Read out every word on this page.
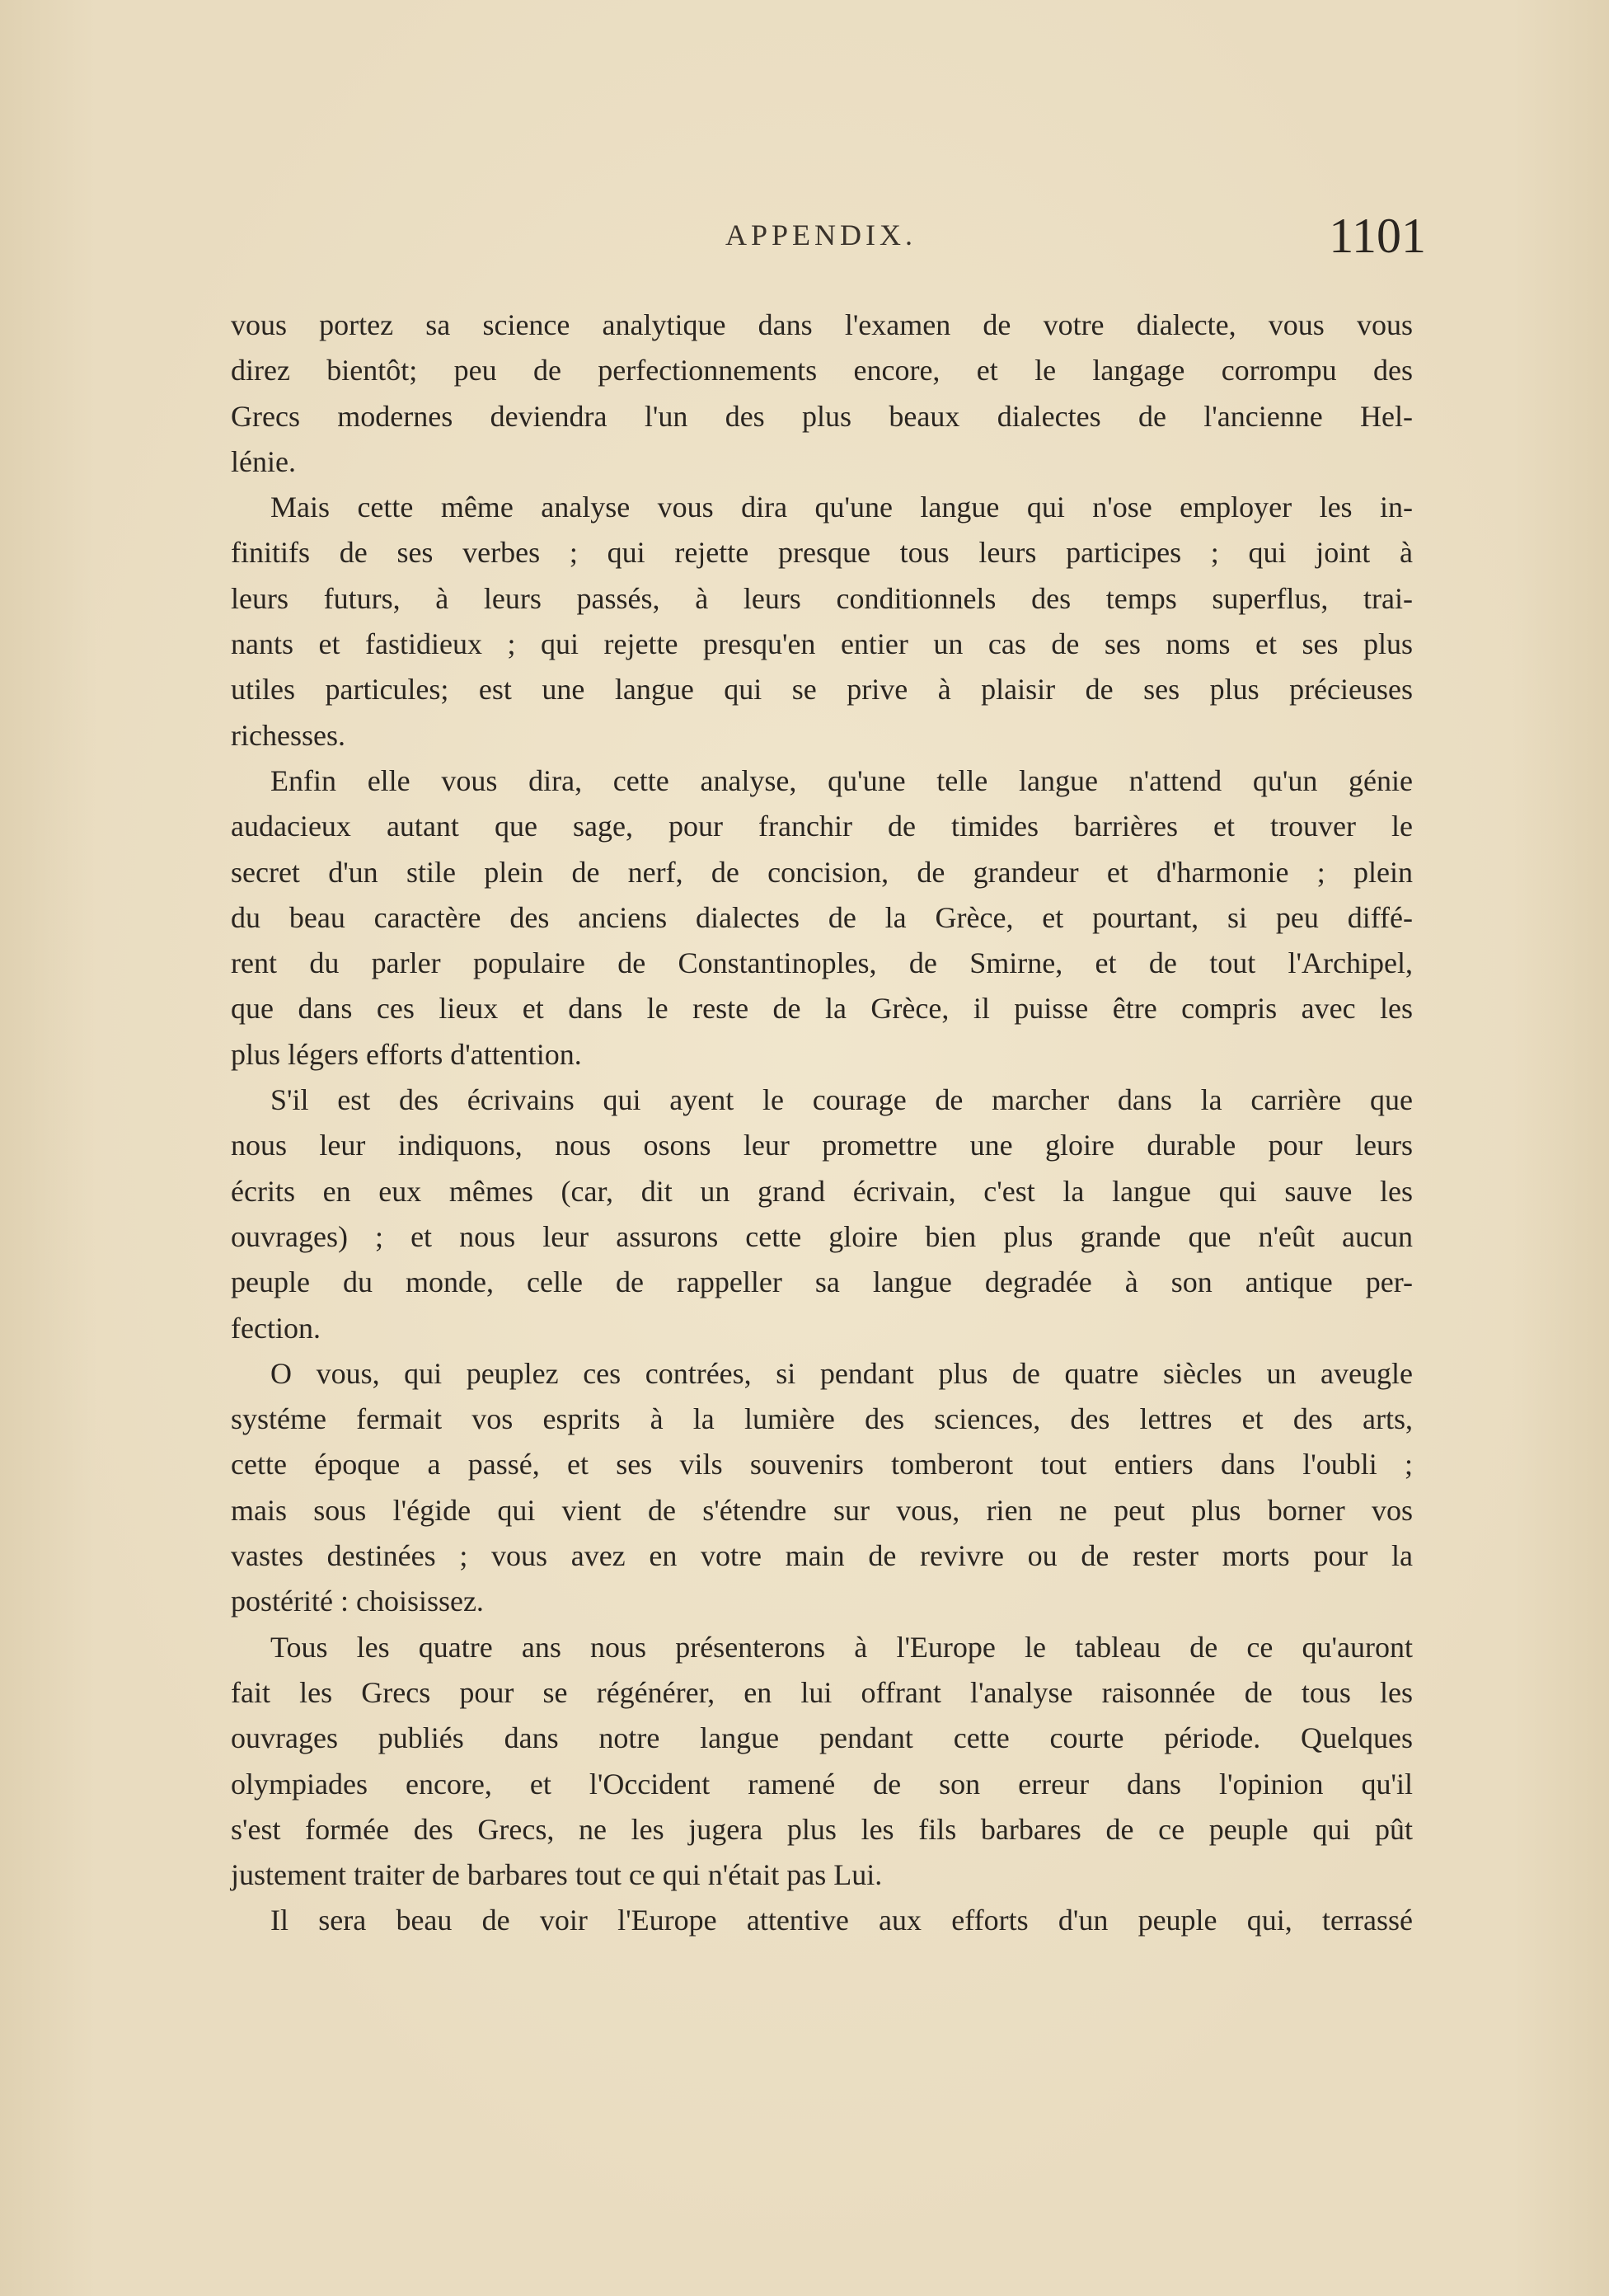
APPENDIX.	1101
vous portez sa science analytique dans l'examen de votre dialecte, vous vous
direz bientôt; peu de perfectionnements encore, et le langage corrompu des
Grecs modernes deviendra l'un des plus beaux dialectes de l'ancienne Hel-
lénie.
Mais cette même analyse vous dira qu'une langue qui n'ose employer les in-
finitifs de ses verbes ; qui rejette presque tous leurs participes ; qui joint à
leurs futurs, à leurs passés, à leurs conditionnels des temps superflus, trai-
nants et fastidieux ; qui rejette presqu'en entier un cas de ses noms et ses plus
utiles particules; est une langue qui se prive à plaisir de ses plus précieuses
richesses.
Enfin elle vous dira, cette analyse, qu'une telle langue n'attend qu'un génie
audacieux autant que sage, pour franchir de timides barrières et trouver le
secret d'un stile plein de nerf, de concision, de grandeur et d'harmonie ; plein
du beau caractère des anciens dialectes de la Grèce, et pourtant, si peu diffé-
rent du parler populaire de Constantinoples, de Smirne, et de tout l'Archipel,
que dans ces lieux et dans le reste de la Grèce, il puisse être compris avec les
plus légers efforts d'attention.
S'il est des écrivains qui ayent le courage de marcher dans la carrière que
nous leur indiquons, nous osons leur promettre une gloire durable pour leurs
écrits en eux mêmes (car, dit un grand écrivain, c'est la langue qui sauve les
ouvrages) ; et nous leur assurons cette gloire bien plus grande que n'eût aucun
peuple du monde, celle de rappeller sa langue degradée à son antique per-
fection.
O vous, qui peuplez ces contrées, si pendant plus de quatre siècles un aveugle
systéme fermait vos esprits à la lumière des sciences, des lettres et des arts,
cette époque a passé, et ses vils souvenirs tomberont tout entiers dans l'oubli ;
mais sous l'égide qui vient de s'étendre sur vous, rien ne peut plus borner vos
vastes destinées ; vous avez en votre main de revivre ou de rester morts pour la
postérité : choisissez.
Tous les quatre ans nous présenterons à l'Europe le tableau de ce qu'auront
fait les Grecs pour se régénérer, en lui offrant l'analyse raisonnée de tous les
ouvrages publiés dans notre langue pendant cette courte période. Quelques
olympiades encore, et l'Occident ramené de son erreur dans l'opinion qu'il
s'est formée des Grecs, ne les jugera plus les fils barbares de ce peuple qui pût
justement traiter de barbares tout ce qui n'était pas Lui.
Il sera beau de voir l'Europe attentive aux efforts d'un peuple qui, terrassé
